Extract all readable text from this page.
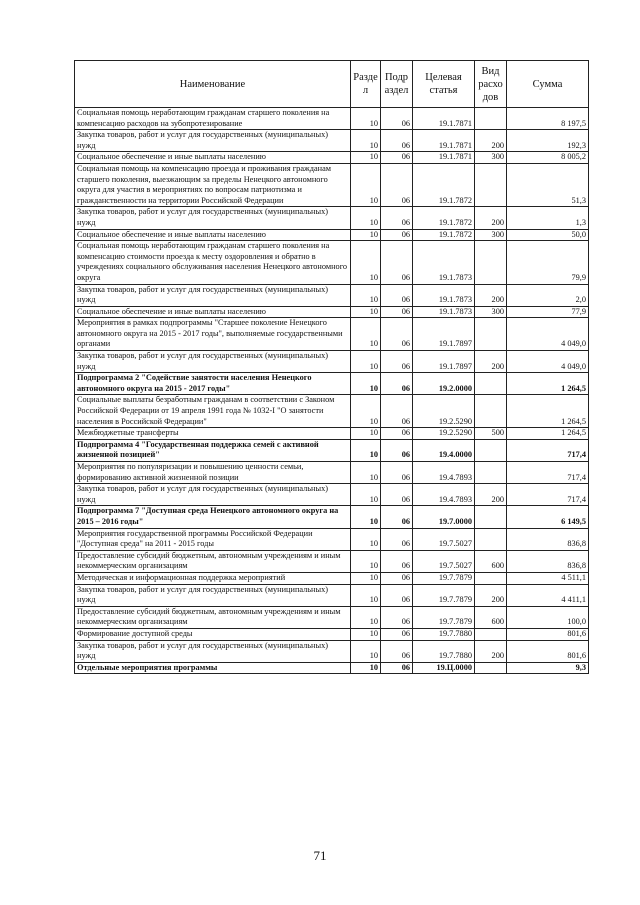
Наименование	Разде л	Подр аздел	Целевая статья	Вид расхо дов	Сумма
Социальная помощь неработающим гражданам старшего поколения на компенсацию расходов на зубопротезирование	10	06	19.1.7871		8 197,5
Закупка товаров, работ и услуг для государственных (муниципальных) нужд	10	06	19.1.7871	200	192,3
Социальное обеспечение и иные выплаты населению	10	06	19.1.7871	300	8 005,2
Социальная помощь на компенсацию проезда и проживания гражданам старшего поколения, выезжающим за пределы Ненецкого автономного округа для участия в мероприятиях по вопросам патриотизма и гражданственности на территории Российской Федерации	10	06	19.1.7872		51,3
Закупка товаров, работ и услуг для государственных (муниципальных) нужд	10	06	19.1.7872	200	1,3
Социальное обеспечение и иные выплаты населению	10	06	19.1.7872	300	50,0
Социальная помощь неработающим гражданам старшего поколения на компенсацию стоимости проезда к месту оздоровления и обратно в учреждениях социального обслуживания населения Ненецкого автономного округа	10	06	19.1.7873		79,9
Закупка товаров, работ и услуг для государственных (муниципальных) нужд	10	06	19.1.7873	200	2,0
Социальное обеспечение и иные выплаты населению	10	06	19.1.7873	300	77,9
Мероприятия в рамках подпрограммы "Старшее поколение Ненецкого автономного округа на 2015 - 2017 годы", выполняемые государственными органами	10	06	19.1.7897		4 049,0
Закупка товаров, работ и услуг для государственных (муниципальных) нужд	10	06	19.1.7897	200	4 049,0
Подпрограмма 2 "Содействие занятости населения Ненецкого автономного округа на 2015 - 2017 годы"	10	06	19.2.0000		1 264,5
Социальные выплаты безработным гражданам в соответствии с Законом Российской Федерации от 19 апреля 1991 года № 1032-I "О занятости населения в Российской Федерации"	10	06	19.2.5290		1 264,5
Межбюджетные трансферты	10	06	19.2.5290	500	1 264,5
Подпрограмма 4 "Государственная поддержка семей с активной жизненной позицией"	10	06	19.4.0000		717,4
Мероприятия по популяризации и повышению ценности семьи, формированию активной жизненной позиции	10	06	19.4.7893		717,4
Закупка товаров, работ и услуг для государственных (муниципальных) нужд	10	06	19.4.7893	200	717,4
Подпрограмма 7 "Доступная среда Ненецкого автономного округа на 2015 – 2016 годы"	10	06	19.7.0000		6 149,5
Мероприятия государственной программы Российской Федерации "Доступная среда" на 2011 - 2015 годы	10	06	19.7.5027		836,8
Предоставление субсидий бюджетным, автономным учреждениям и иным некоммерческим организациям	10	06	19.7.5027	600	836,8
Методическая и информационная поддержка мероприятий	10	06	19.7.7879		4 511,1
Закупка товаров, работ и услуг для государственных (муниципальных) нужд	10	06	19.7.7879	200	4 411,1
Предоставление субсидий бюджетным, автономным учреждениям и иным некоммерческим организациям	10	06	19.7.7879	600	100,0
Формирование доступной среды	10	06	19.7.7880		801,6
Закупка товаров, работ и услуг для государственных (муниципальных) нужд	10	06	19.7.7880	200	801,6
Отдельные мероприятия программы	10	06	19.Ц.0000		9,3
71
